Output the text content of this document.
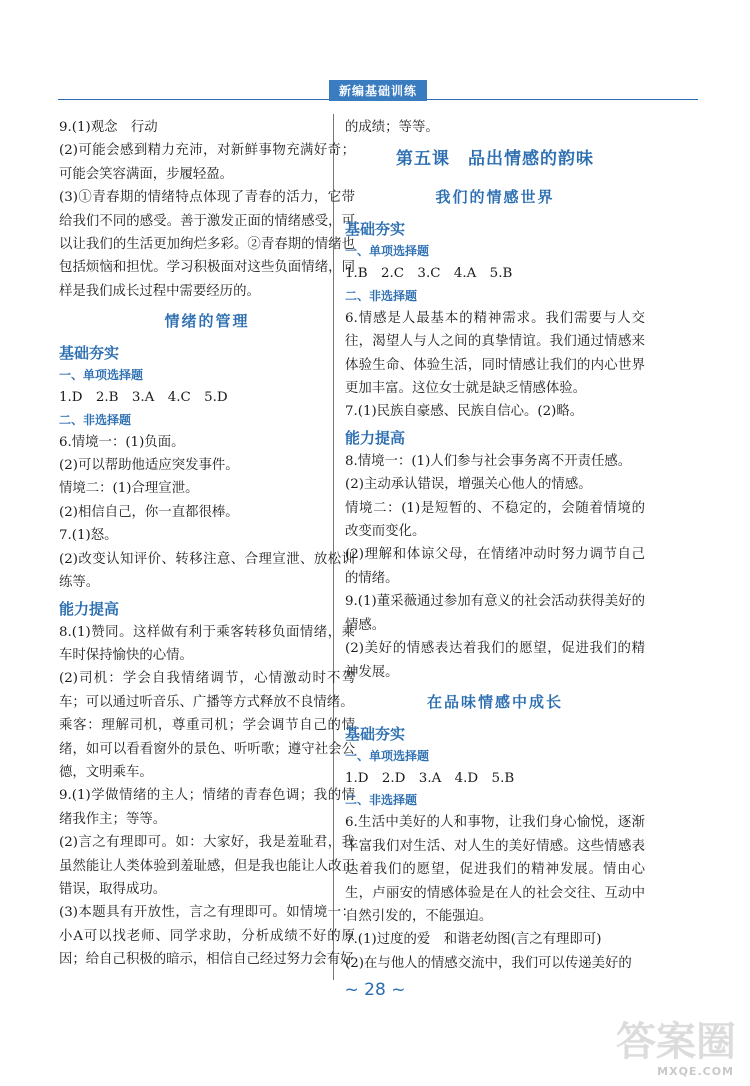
新编基础训练

9.(1)观念　行动

(2)可能会感到精力充沛，对新鲜事物充满好奇；可能会笑容满面，步履轻盈。

(3)①青春期的情绪特点体现了青春的活力，它带给我们不同的感受。善于激发正面的情绪感受，可以让我们的生活更加绚烂多彩。②青春期的情绪也包括烦恼和担忧。学习积极面对这些负面情绪，同样是我们成长过程中需要经历的。

情绪的管理
基础夯实
一、单项选择题

1.D　2.B　3.A　4.C　5.D

二、非选择题

6.情境一：(1)负面。

(2)可以帮助他适应突发事件。

情境二：(1)合理宣泄。

(2)相信自己，你一直都很棒。

7.(1)怒。

(2)改变认知评价、转移注意、合理宣泄、放松训练等。

能力提高

8.(1)赞同。这样做有利于乘客转移负面情绪，乘车时保持愉快的心情。

(2)司机：学会自我情绪调节，心情激动时不驾车；可以通过听音乐、广播等方式释放不良情绪。

乘客：理解司机，尊重司机；学会调节自己的情绪，如可以看看窗外的景色、听听歌；遵守社会公德，文明乘车。

9.(1)学做情绪的主人；情绪的青春色调；我的情绪我作主；等等。

(2)言之有理即可。如：大家好，我是羞耻君，我虽然能让人类体验到羞耻感，但是我也能让人改正错误，取得成功。

(3)本题具有开放性，言之有理即可。如情境一：小A可以找老师、同学求助，分析成绩不好的原因；给自己积极的暗示，相信自己经过努力会有好

的成绩；等等。

第五课　品出情感的韵味
我们的情感世界
基础夯实
一、单项选择题

1.B　2.C　3.C　4.A　5.B

二、非选择题

6.情感是人最基本的精神需求。我们需要与人交往，渴望人与人之间的真挚情谊。我们通过情感来体验生命、体验生活，同时情感让我们的内心世界更加丰富。这位女士就是缺乏情感体验。

7.(1)民族自豪感、民族自信心。(2)略。

能力提高

8.情境一：(1)人们参与社会事务离不开责任感。

(2)主动承认错误，增强关心他人的情感。

情境二：(1)是短暂的、不稳定的，会随着情境的改变而变化。

(2)理解和体谅父母，在情绪冲动时努力调节自己的情绪。

9.(1)董采薇通过参加有意义的社会活动获得美好的情感。

(2)美好的情感表达着我们的愿望，促进我们的精神发展。

在品味情感中成长
基础夯实
一、单项选择题

1.D　2.D　3.A　4.D　5.B

二、非选择题

6.生活中美好的人和事物，让我们身心愉悦，逐渐丰富我们对生活、对人生的美好情感。这些情感表达着我们的愿望，促进我们的精神发展。情由心生，卢丽安的情感体验是在人的社会交往、互动中自然引发的，不能强迫。

7.(1)过度的爱　和谐老幼图(言之有理即可)

(2)在与他人的情感交流中，我们可以传递美好的

~ 28 ~
答案圈
MXQE.COM
